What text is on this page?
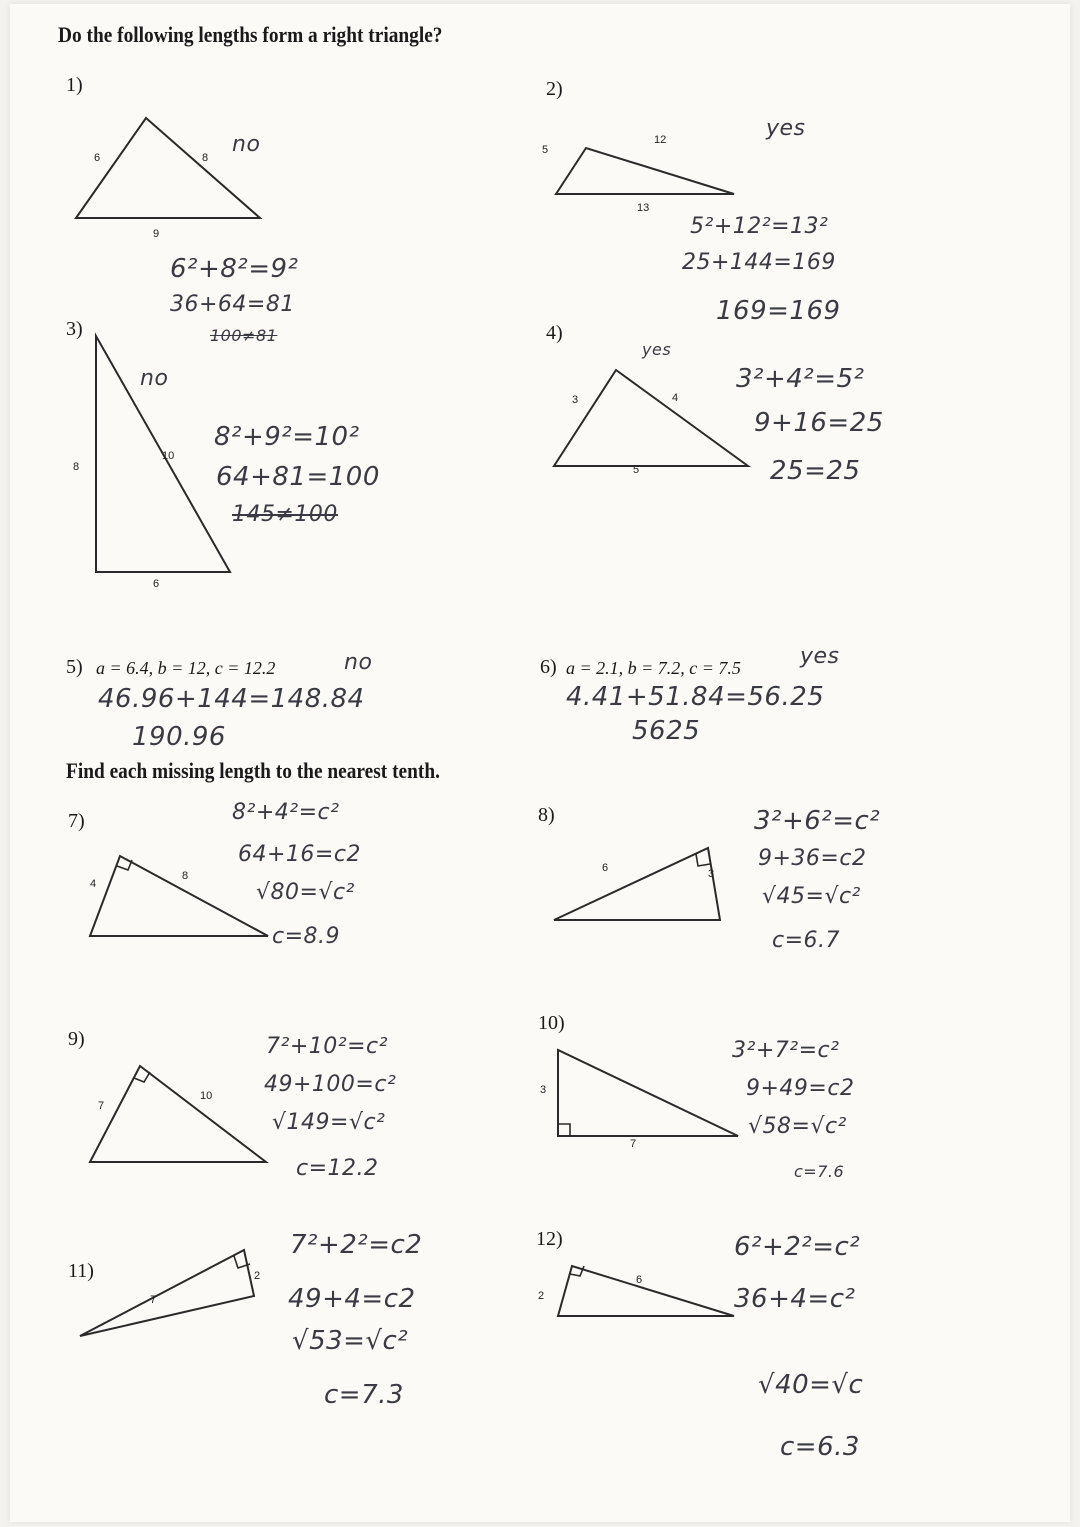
Do the following lengths form a right triangle?
1)
6	8
9
no
6²+8²=9²
36+64=81
100≠81
2)
5
12
13
yes
5²+12²=13²
25+144=169
169=169
3)
8
10
6
no
8²+9²=10²
64+81=100
145≠100
4)
3	4
5
yes
3²+4²=5²
9+16=25
25=25
5) a = 6.4, b = 12, c = 12.2	no
46.96+144=148.84
190.96
6) a = 2.1, b = 7.2, c = 7.5	yes
4.41+51.84=56.25
5625
Find each missing length to the nearest tenth.
7)
4
8
8²+4²=c²
64+16=c2
√80=√c²
c=8.9
8)
6	3
3²+6²=c²
9+36=c2
√45=√c²
c=6.7
9)
7
10
7²+10²=c²
49+100=c²
√149=√c²
c=12.2
10)
3
7
3²+7²=c²
9+49=c2
√58=√c²
c=7.6
11)
7
2
7²+2²=c2
49+4=c2
√53=√c²
c=7.3
12)
2
6
6²+2²=c²
36+4=c²
√40=√c
c=6.3
